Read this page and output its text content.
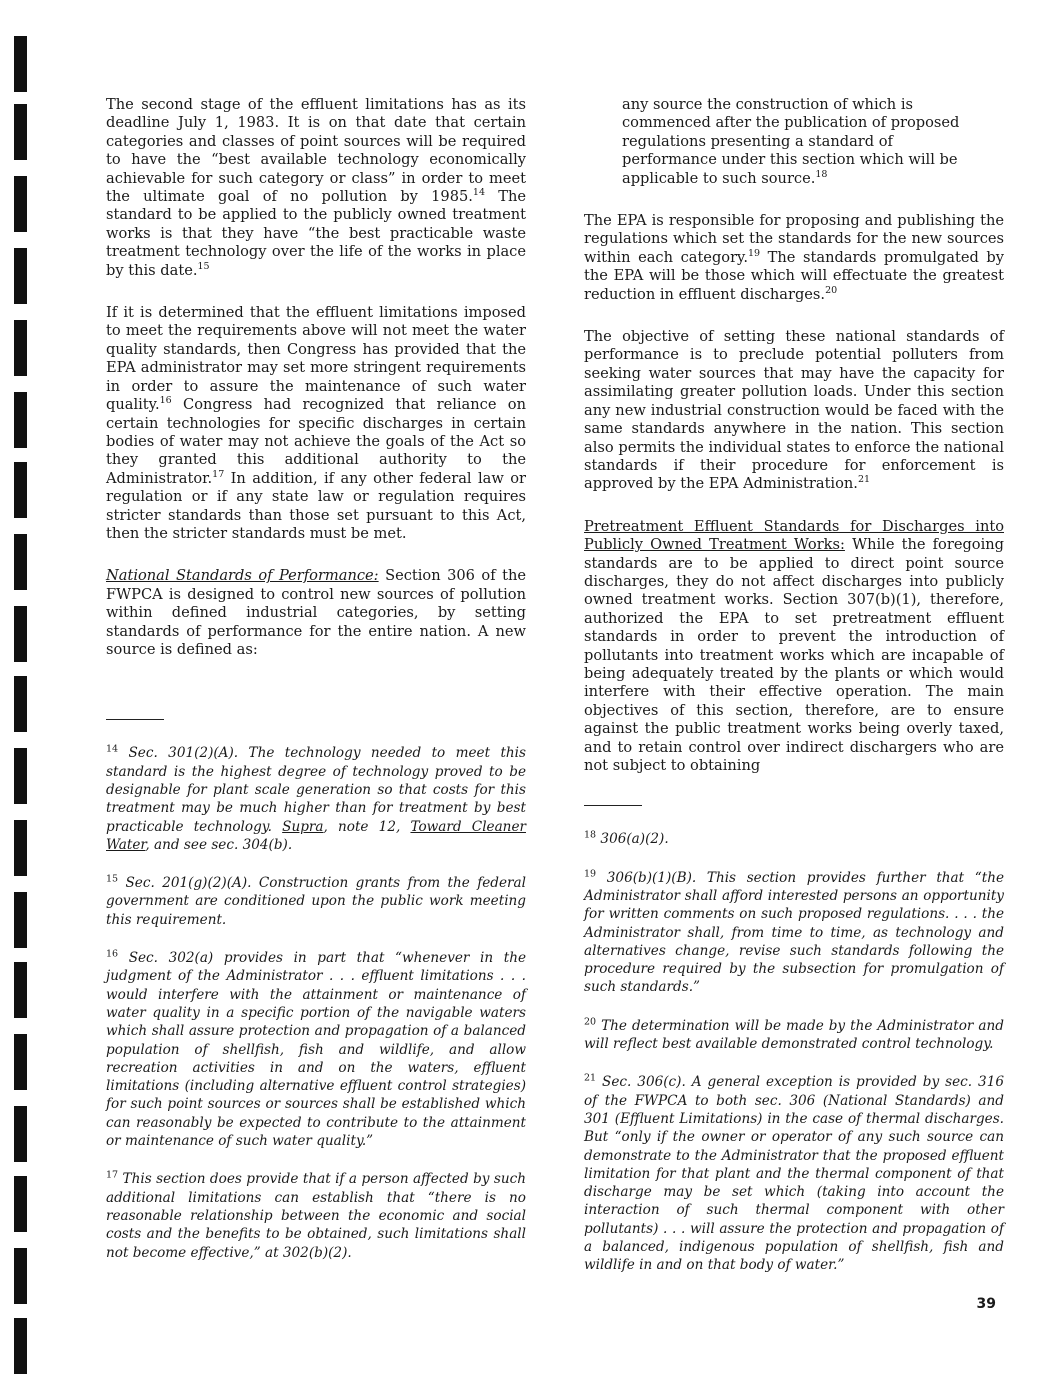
The second stage of the effluent limitations has as its deadline July 1, 1983. It is on that date that certain categories and classes of point sources will be required to have the “best available technology economically achievable for such category or class” in order to meet the ultimate goal of no pollution by 1985.14 The standard to be applied to the publicly owned treatment works is that they have “the best practicable waste treatment technology over the life of the works in place by this date.$^{15}$

If it is determined that the effluent limitations imposed to meet the requirements above will not meet the water quality standards, then Congress has provided that the EPA administrator may set more stringent requirements in order to assure the maintenance of such water quality.$^{16}$ Congress had recognized that reliance on certain technologies for specific discharges in certain bodies of water may not achieve the goals of the Act so they granted this additional authority to the Administrator.$^{17}$ In addition, if any other federal law or regulation or if any state law or regulation requires stricter standards than those set pursuant to this Act, then the stricter standards must be met.

National Standards of Performance: Section 306 of the FWPCA is designed to control new sources of pollution within defined industrial categories, by setting standards of performance for the entire nation. A new source is defined as:

$^{14}$ Sec. 301(2)(A). The technology needed to meet this standard is the highest degree of technology proved to be designable for plant scale generation so that costs for this treatment may be much higher than for treatment by best practicable technology. Supra, note 12, Toward Cleaner Water, and see sec. 304(b).

$^{15}$ Sec. 201(g)(2)(A). Construction grants from the federal government are conditioned upon the public work meeting this requirement.

$^{16}$ Sec. 302(a) provides in part that “whenever in the judgment of the Administrator . . . effluent limitations . . . would interfere with the attainment or maintenance of water quality in a specific portion of the navigable waters which shall assure protection and propagation of a balanced population of shellfish, fish and wildlife, and allow recreation activities in and on the waters, effluent limitations (including alternative effluent control strategies) for such point sources or sources shall be established which can reasonably be expected to contribute to the attainment or maintenance of such water quality.”

$^{17}$ This section does provide that if a person affected by such additional limitations can establish that “there is no reasonable relationship between the economic and social costs and the benefits to be obtained, such limitations shall not become effective,” at 302(b)(2).

any source the construction of which is commenced after the publication of proposed regulations presenting a standard of performance under this section which will be applicable to such source.$^{18}$

The EPA is responsible for proposing and publishing the regulations which set the standards for the new sources within each category.$^{19}$ The standards promulgated by the EPA will be those which will effectuate the greatest reduction in effluent discharges.$^{20}$

The objective of setting these national standards of performance is to preclude potential polluters from seeking water sources that may have the capacity for assimilating greater pollution loads. Under this section any new industrial construction would be faced with the same standards anywhere in the nation. This section also permits the individual states to enforce the national standards if their procedure for enforcement is approved by the EPA Administration.$^{21}$

Pretreatment Effluent Standards for Discharges into Publicly Owned Treatment Works: While the foregoing standards are to be applied to direct point source discharges, they do not affect discharges into publicly owned treatment works. Section 307(b)(1), therefore, authorized the EPA to set pretreatment effluent standards in order to prevent the introduction of pollutants into treatment works which are incapable of being adequately treated by the plants or which would interfere with their effective operation. The main objectives of this section, therefore, are to ensure against the public treatment works being overly taxed, and to retain control over indirect dischargers who are not subject to obtaining

$^{18}$ 306(a)(2).

$^{19}$ 306(b)(1)(B). This section provides further that “the Administrator shall afford interested persons an opportunity for written comments on such proposed regulations. . . . the Administrator shall, from time to time, as technology and alternatives change, revise such standards following the procedure required by the subsection for promulgation of such standards.”

$^{20}$ The determination will be made by the Administrator and will reflect best available demonstrated control technology.

$^{21}$ Sec. 306(c). A general exception is provided by sec. 316 of the FWPCA to both sec. 306 (National Standards) and 301 (Effluent Limitations) in the case of thermal discharges. But “only if the owner or operator of any such source can demonstrate to the Administrator that the proposed effluent limitation for that plant and the thermal component of that discharge may be set which (taking into account the interaction of such thermal component with other pollutants) . . . will assure the protection and propagation of a balanced, indigenous population of shellfish, fish and wildlife in and on that body of water.”

39
